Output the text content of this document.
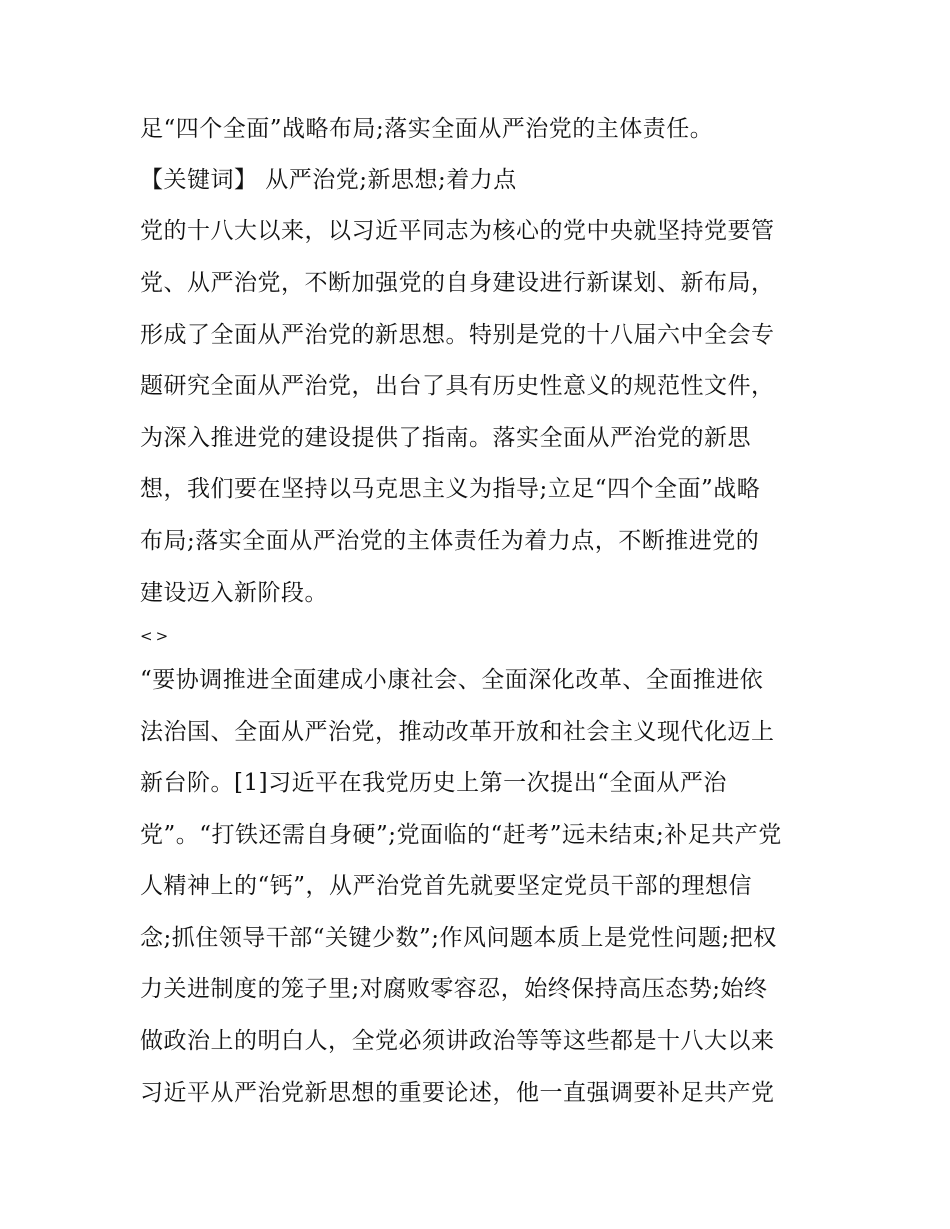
足“四个全面”战略布局;落实全面从严治党的主体责任。
【关键词】 从严治党;新思想;着力点
党的十八大以来，以习近平同志为核心的党中央就坚持党要管
党、从严治党，不断加强党的自身建设进行新谋划、新布局，
形成了全面从严治党的新思想。特别是党的十八届六中全会专
题研究全面从严治党，出台了具有历史性意义的规范性文件，
为深入推进党的建设提供了指南。落实全面从严治党的新思
想，我们要在坚持以马克思主义为指导;立足“四个全面”战略
布局;落实全面从严治党的主体责任为着力点，不断推进党的
建设迈入新阶段。
<>
“要协调推进全面建成小康社会、全面深化改革、全面推进依
法治国、全面从严治党，推动改革开放和社会主义现代化迈上
新台阶。[1]习近平在我党历史上第一次提出“全面从严治
党”。“打铁还需自身硬”;党面临的“赶考”远未结束;补足共产党
人精神上的“钙”，从严治党首先就要坚定党员干部的理想信
念;抓住领导干部“关键少数”;作风问题本质上是党性问题;把权
力关进制度的笼子里;对腐败零容忍，始终保持高压态势;始终
做政治上的明白人，全党必须讲政治等等这些都是十八大以来
习近平从严治党新思想的重要论述，他一直强调要补足共产党
